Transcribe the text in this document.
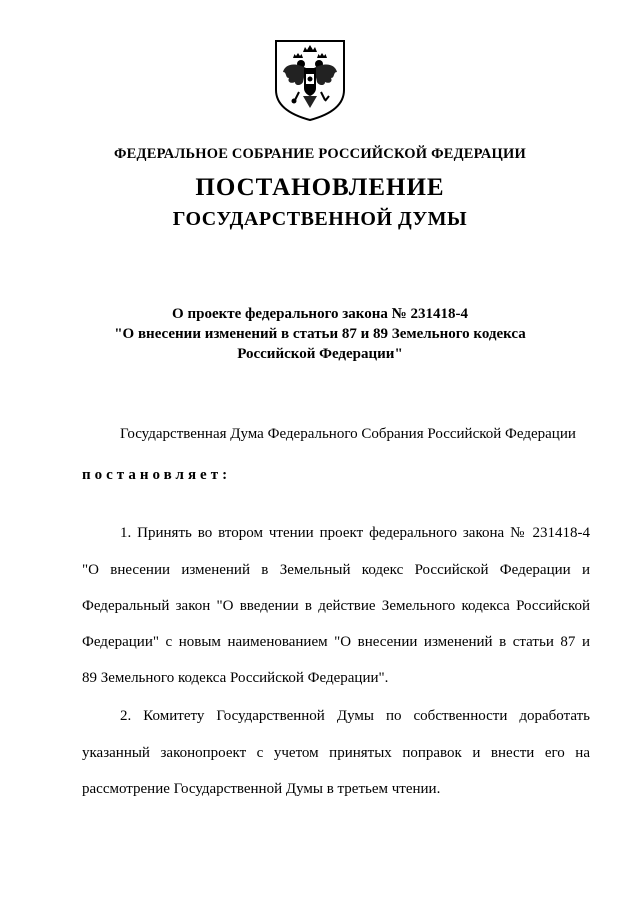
ФЕДЕРАЛЬНОЕ СОБРАНИЕ РОССИЙСКОЙ ФЕДЕРАЦИИ
ПОСТАНОВЛЕНИЕ
ГОСУДАРСТВЕННОЙ ДУМЫ
О проекте федерального закона № 231418-4
"О внесении изменений в статьи 87 и 89 Земельного кодекса
Российской Федерации"
Государственная Дума Федерального Собрания Российской Федерации
постановляет:
1. Принять во втором чтении проект федерального закона № 231418-4
"О внесении изменений в Земельный кодекс Российской Федерации и
Федеральный закон "О введении в действие Земельного кодекса Российской
Федерации" с новым наименованием "О внесении изменений в статьи 87 и
89 Земельного кодекса Российской Федерации".
2. Комитету Государственной Думы по собственности доработать
указанный законопроект с учетом принятых поправок и внести его на
рассмотрение Государственной Думы в третьем чтении.
